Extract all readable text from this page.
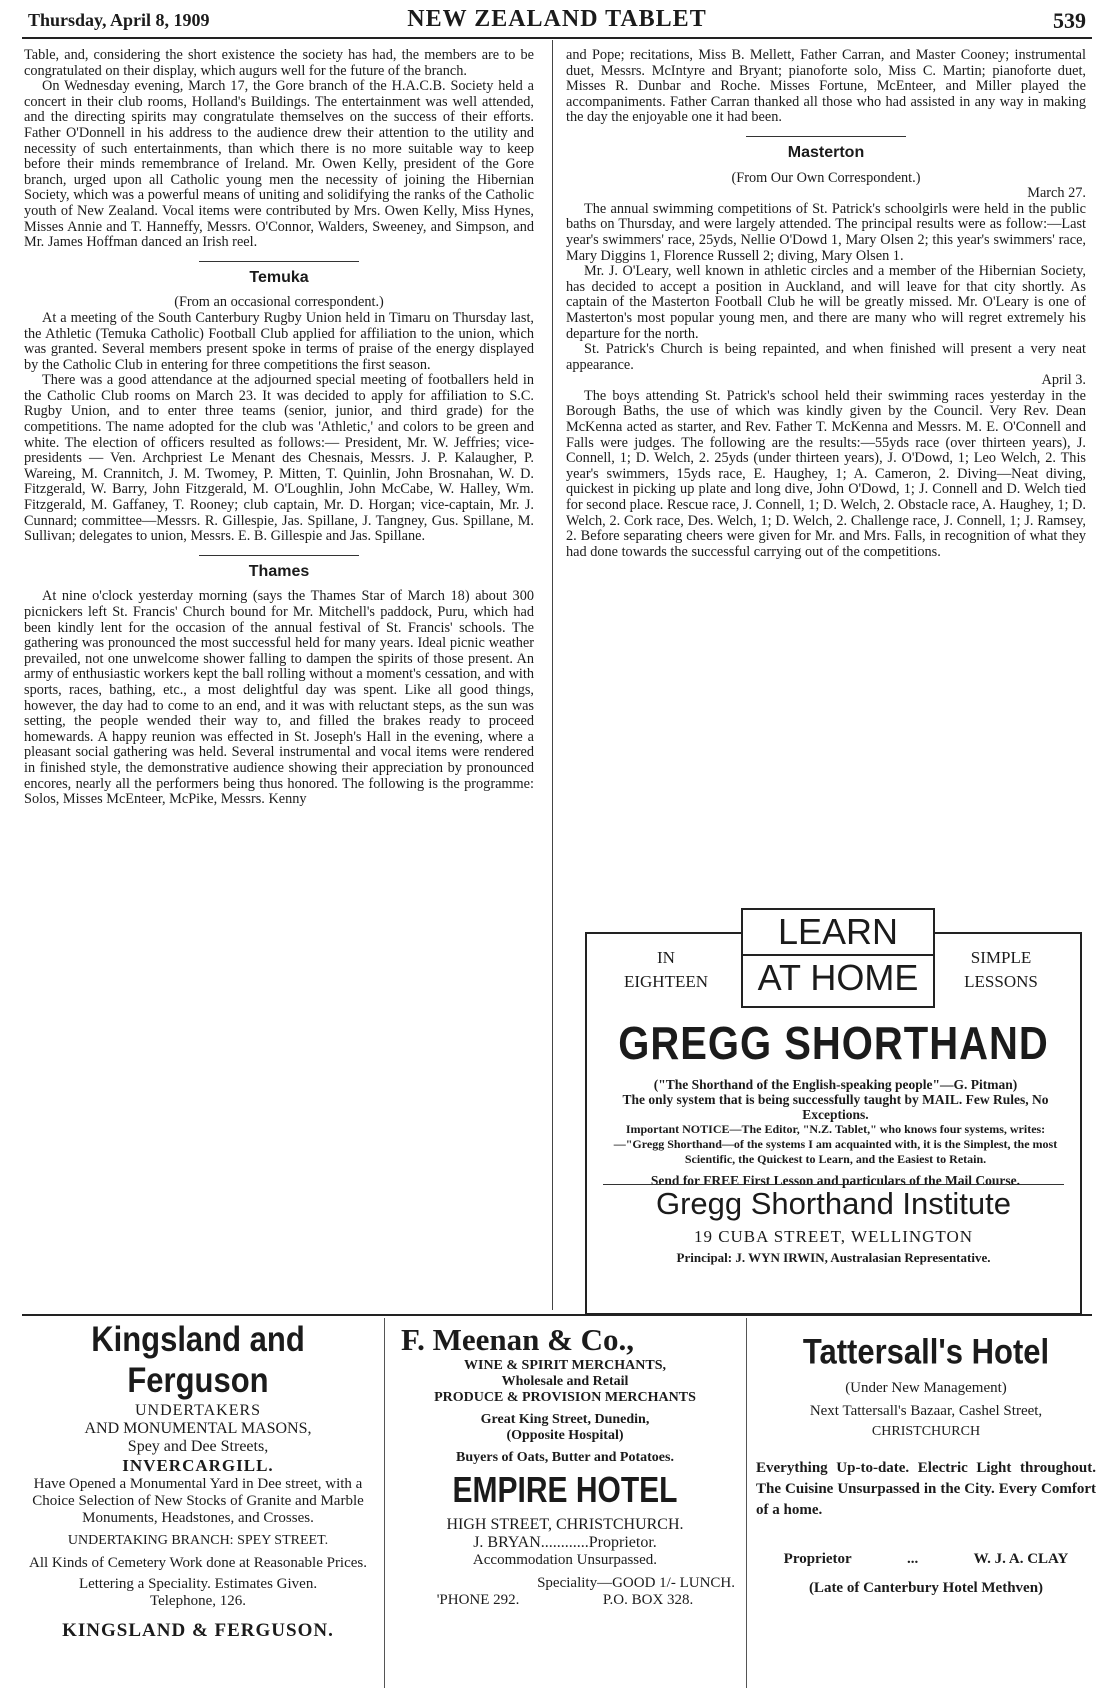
Thursday, April 8, 1909	NEW ZEALAND TABLET	539

Table, and, considering the short existence the society has had, the members are to be congratulated on their display, which augurs well for the future of the branch.

On Wednesday evening, March 17, the Gore branch of the H.A.C.B. Society held a concert in their club rooms, Holland's Buildings. The entertainment was well attended, and the directing spirits may congratulate themselves on the success of their efforts. Father O'Donnell in his address to the audience drew their attention to the utility and necessity of such entertainments, than which there is no more suitable way to keep before their minds remembrance of Ireland. Mr. Owen Kelly, president of the Gore branch, urged upon all Catholic young men the necessity of joining the Hibernian Society, which was a powerful means of uniting and solidifying the ranks of the Catholic youth of New Zealand. Vocal items were contributed by Mrs. Owen Kelly, Miss Hynes, Misses Annie and T. Hanneffy, Messrs. O'Connor, Walders, Sweeney, and Simpson, and Mr. James Hoffman danced an Irish reel.

Temuka

(From an occasional correspondent.)

At a meeting of the South Canterbury Rugby Union held in Timaru on Thursday last, the Athletic (Temuka Catholic) Football Club applied for affiliation to the union, which was granted. Several members present spoke in terms of praise of the energy displayed by the Catholic Club in entering for three competitions the first season.

There was a good attendance at the adjourned special meeting of footballers held in the Catholic Club rooms on March 23. It was decided to apply for affiliation to S.C. Rugby Union, and to enter three teams (senior, junior, and third grade) for the competitions. The name adopted for the club was 'Athletic,' and colors to be green and white. The election of officers resulted as follows:— President, Mr. W. Jeffries; vice-presidents — Ven. Archpriest Le Menant des Chesnais, Messrs. J. P. Kalaugher, P. Wareing, M. Crannitch, J. M. Twomey, P. Mitten, T. Quinlin, John Brosnahan, W. D. Fitzgerald, W. Barry, John Fitzgerald, M. O'Loughlin, John McCabe, W. Halley, Wm. Fitzgerald, M. Gaffaney, T. Rooney; club captain, Mr. D. Horgan; vice-captain, Mr. J. Cunnard; committee—Messrs. R. Gillespie, Jas. Spillane, J. Tangney, Gus. Spillane, M. Sullivan; delegates to union, Messrs. E. B. Gillespie and Jas. Spillane.

Thames

At nine o'clock yesterday morning (says the Thames Star of March 18) about 300 picnickers left St. Francis' Church bound for Mr. Mitchell's paddock, Puru, which had been kindly lent for the occasion of the annual festival of St. Francis' schools. The gathering was pronounced the most successful held for many years. Ideal picnic weather prevailed, not one unwelcome shower falling to dampen the spirits of those present. An army of enthusiastic workers kept the ball rolling without a moment's cessation, and with sports, races, bathing, etc., a most delightful day was spent. Like all good things, however, the day had to come to an end, and it was with reluctant steps, as the sun was setting, the people wended their way to, and filled the brakes ready to proceed homewards. A happy reunion was effected in St. Joseph's Hall in the evening, where a pleasant social gathering was held. Several instrumental and vocal items were rendered in finished style, the demonstrative audience showing their appreciation by pronounced encores, nearly all the performers being thus honored. The following is the programme: Solos, Misses McEnteer, McPike, Messrs. Kenny

and Pope; recitations, Miss B. Mellett, Father Carran, and Master Cooney; instrumental duet, Messrs. McIntyre and Bryant; pianoforte solo, Miss C. Martin; pianoforte duet, Misses R. Dunbar and Roche. Misses Fortune, McEnteer, and Miller played the accompaniments. Father Carran thanked all those who had assisted in any way in making the day the enjoyable one it had been.

Masterton

(From Our Own Correspondent.)

March 27.

The annual swimming competitions of St. Patrick's schoolgirls were held in the public baths on Thursday, and were largely attended. The principal results were as follow:—Last year's swimmers' race, 25yds, Nellie O'Dowd 1, Mary Olsen 2; this year's swimmers' race, Mary Diggins 1, Florence Russell 2; diving, Mary Olsen 1.

Mr. J. O'Leary, well known in athletic circles and a member of the Hibernian Society, has decided to accept a position in Auckland, and will leave for that city shortly. As captain of the Masterton Football Club he will be greatly missed. Mr. O'Leary is one of Masterton's most popular young men, and there are many who will regret extremely his departure for the north.

St. Patrick's Church is being repainted, and when finished will present a very neat appearance.

April 3.

The boys attending St. Patrick's school held their swimming races yesterday in the Borough Baths, the use of which was kindly given by the Council. Very Rev. Dean McKenna acted as starter, and Rev. Father T. McKenna and Messrs. M. E. O'Connell and Falls were judges. The following are the results:—55yds race (over thirteen years), J. Connell, 1; D. Welch, 2. 25yds (under thirteen years), J. O'Dowd, 1; Leo Welch, 2. This year's swimmers, 15yds race, E. Haughey, 1; A. Cameron, 2. Diving—Neat diving, quickest in picking up plate and long dive, John O'Dowd, 1; J. Connell and D. Welch tied for second place. Rescue race, J. Connell, 1; D. Welch, 2. Obstacle race, A. Haughey, 1; D. Welch, 2. Cork race, Des. Welch, 1; D. Welch, 2. Challenge race, J. Connell, 1; J. Ramsey, 2. Before separating cheers were given for Mr. and Mrs. Falls, in recognition of what they had done towards the successful carrying out of the competitions.

LEARN
AT HOME
IN
EIGHTEEN
SIMPLE
LESSONS
GREGG SHORTHAND
("The Shorthand of the English-speaking people"—G. Pitman)
The only system that is being successfully taught by MAIL. Few Rules, No Exceptions.
Important NOTICE—The Editor, "N.Z. Tablet," who knows four systems, writes:—"Gregg Shorthand—of the systems I am acquainted with, it is the Simplest, the most Scientific, the Quickest to Learn, and the Easiest to Retain.
Send for FREE First Lesson and particulars of the Mail Course.
Gregg Shorthand Institute
19 CUBA STREET, WELLINGTON
Principal: J. WYN IRWIN, Australasian Representative.

Kingsland and Ferguson

UNDERTAKERS

AND MONUMENTAL MASONS,

Spey and Dee Streets,

INVERCARGILL.

Have Opened a Monumental Yard in Dee street, with a Choice Selection of New Stocks of Granite and Marble Monuments, Headstones, and Crosses.

UNDERTAKING BRANCH: SPEY STREET.

All Kinds of Cemetery Work done at Reasonable Prices.

Lettering a Speciality. Estimates Given.

Telephone, 126.

KINGSLAND & FERGUSON.

F. Meenan & Co.,

WINE & SPIRIT MERCHANTS,

Wholesale and Retail

PRODUCE & PROVISION MERCHANTS

Great King Street, Dunedin,

(Opposite Hospital)

Buyers of Oats, Butter and Potatoes.

EMPIRE HOTEL

HIGH STREET, CHRISTCHURCH.

J. BRYAN............Proprietor.

Accommodation Unsurpassed.

Speciality—GOOD 1/- LUNCH.

'PHONE 292.	P.O. BOX 328.

Tattersall's Hotel

(Under New Management)

Next Tattersall's Bazaar, Cashel Street,

CHRISTCHURCH

Everything Up-to-date. Electric Light throughout. The Cuisine Unsurpassed in the City. Every Comfort of a home.

Proprietor	...	W. J. A. CLAY

(Late of Canterbury Hotel Methven)
